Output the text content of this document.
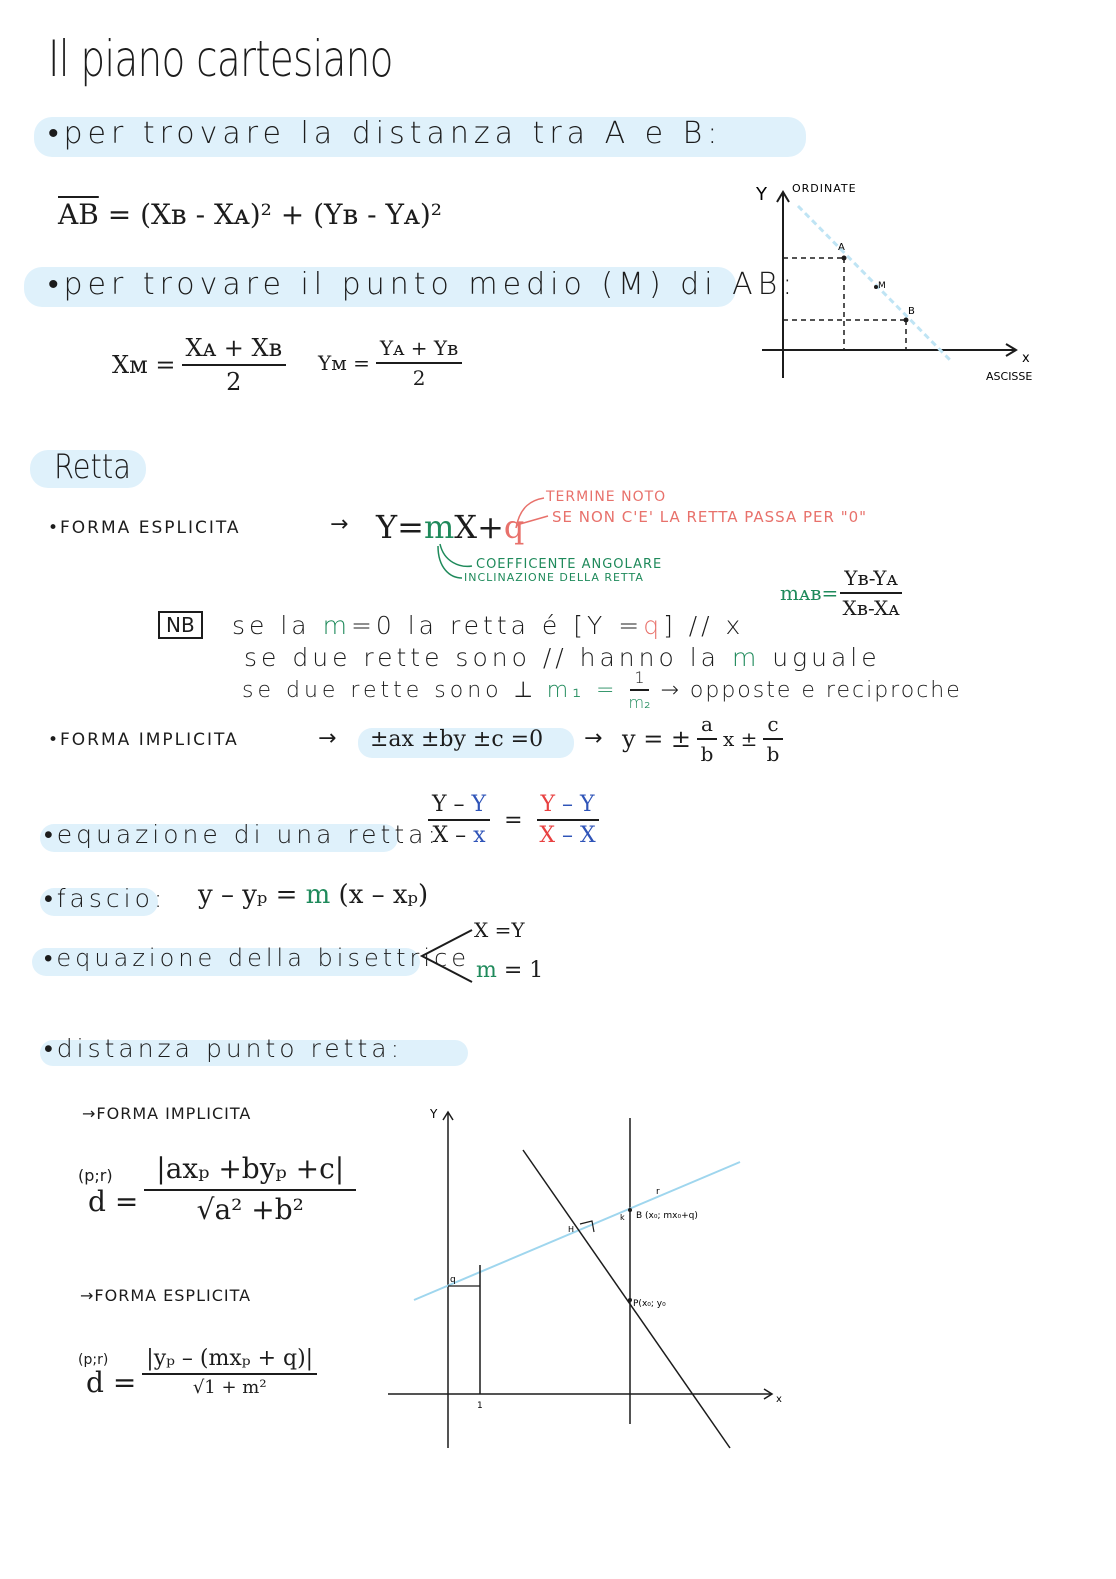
Il piano cartesiano
•per trovare la distanza tra A e B:
$\overline{AB}$ = (Xʙ - Xᴀ)² + (Yʙ - Yᴀ)²
•per trovare il punto medio (M) di AB:
Xᴍ = $\frac{\text{Xᴀ + Xʙ}}{2}$ Yᴍ = $\frac{\text{Yᴀ + Yʙ}}{2}$
Y ORDINATE
x
ASCISSE
A
M
B
Retta
•FORMA ESPLICITA	→ Y=mX+q
TERMINE NOTO
SE NON C'E' LA RETTA PASSA PER "0"
COEFFICENTE ANGOLARE
INCLINAZIONE DELLA RETTA
mᴀʙ= $\frac{\text{Yʙ-Yᴀ}}{\text{Xʙ-Xᴀ}}$
NB	se la m=0 la retta é [Y =q] // x
se due rette sono // hanno la m uguale
se due rette sono ⊥ $m_1 = \frac{1}{\text{m₂}}$ → opposte e reciproche
•FORMA IMPLICITA	→ ±ax ±by ±c =0 → y = ± $\frac{a}{b}$ $x \pm \frac{c}{b}$
•equazione di una retta:
$\frac{Y - Y}{X - x} = \frac{Y - Y}{X - X}$
•fascio: y – yₚ = m (x – xₚ)
•equazione della bisettrice
X =Y
m = 1
•distanza punto retta:
→FORMA IMPLICITA
(p;r)
$d = \frac{\text{|axₚ +byₚ +c|}}{\text{√a² +b²}}$
→FORMA ESPLICITA
(p;r)
$d = \frac{\text{|yₚ – (mxₚ + q)|}}{\text{√1 + m²}}$
Y
x
B (x₀; mx₀+q)
P(x₀; y₀
r
H
q
1
k
